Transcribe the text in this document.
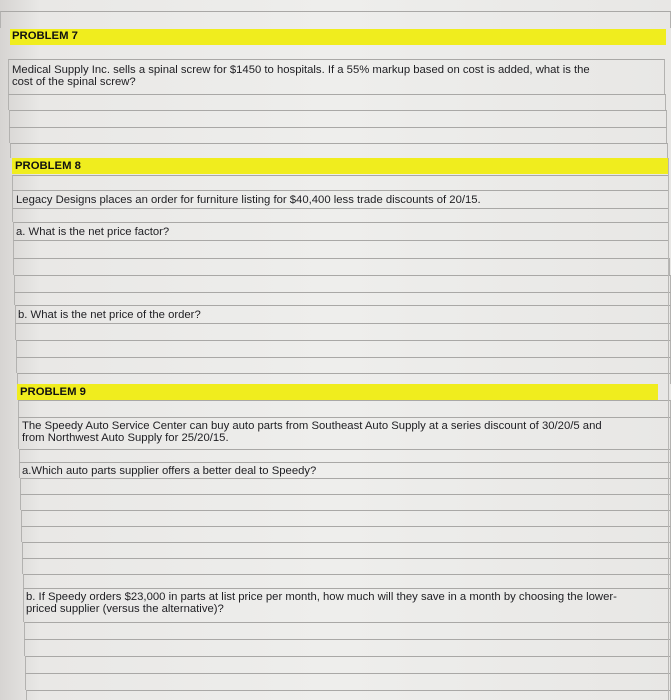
PROBLEM 7
Medical Supply Inc. sells a spinal screw for $1450 to hospitals. If a 55% markup based on cost is added, what is the
cost of the spinal screw?
PROBLEM 8
Legacy Designs places an order for furniture listing for $40,400 less trade discounts of 20/15.
a. What is the net price factor?
b. What is the net price of the order?
PROBLEM 9
The Speedy Auto Service Center can buy auto parts from Southeast Auto Supply at a series discount of 30/20/5 and
from Northwest Auto Supply for 25/20/15.
a.Which auto parts supplier offers a better deal to Speedy?
b. If Speedy orders $23,000 in parts at list price per month, how much will they save in a month by choosing the lower-
priced supplier (versus the alternative)?
